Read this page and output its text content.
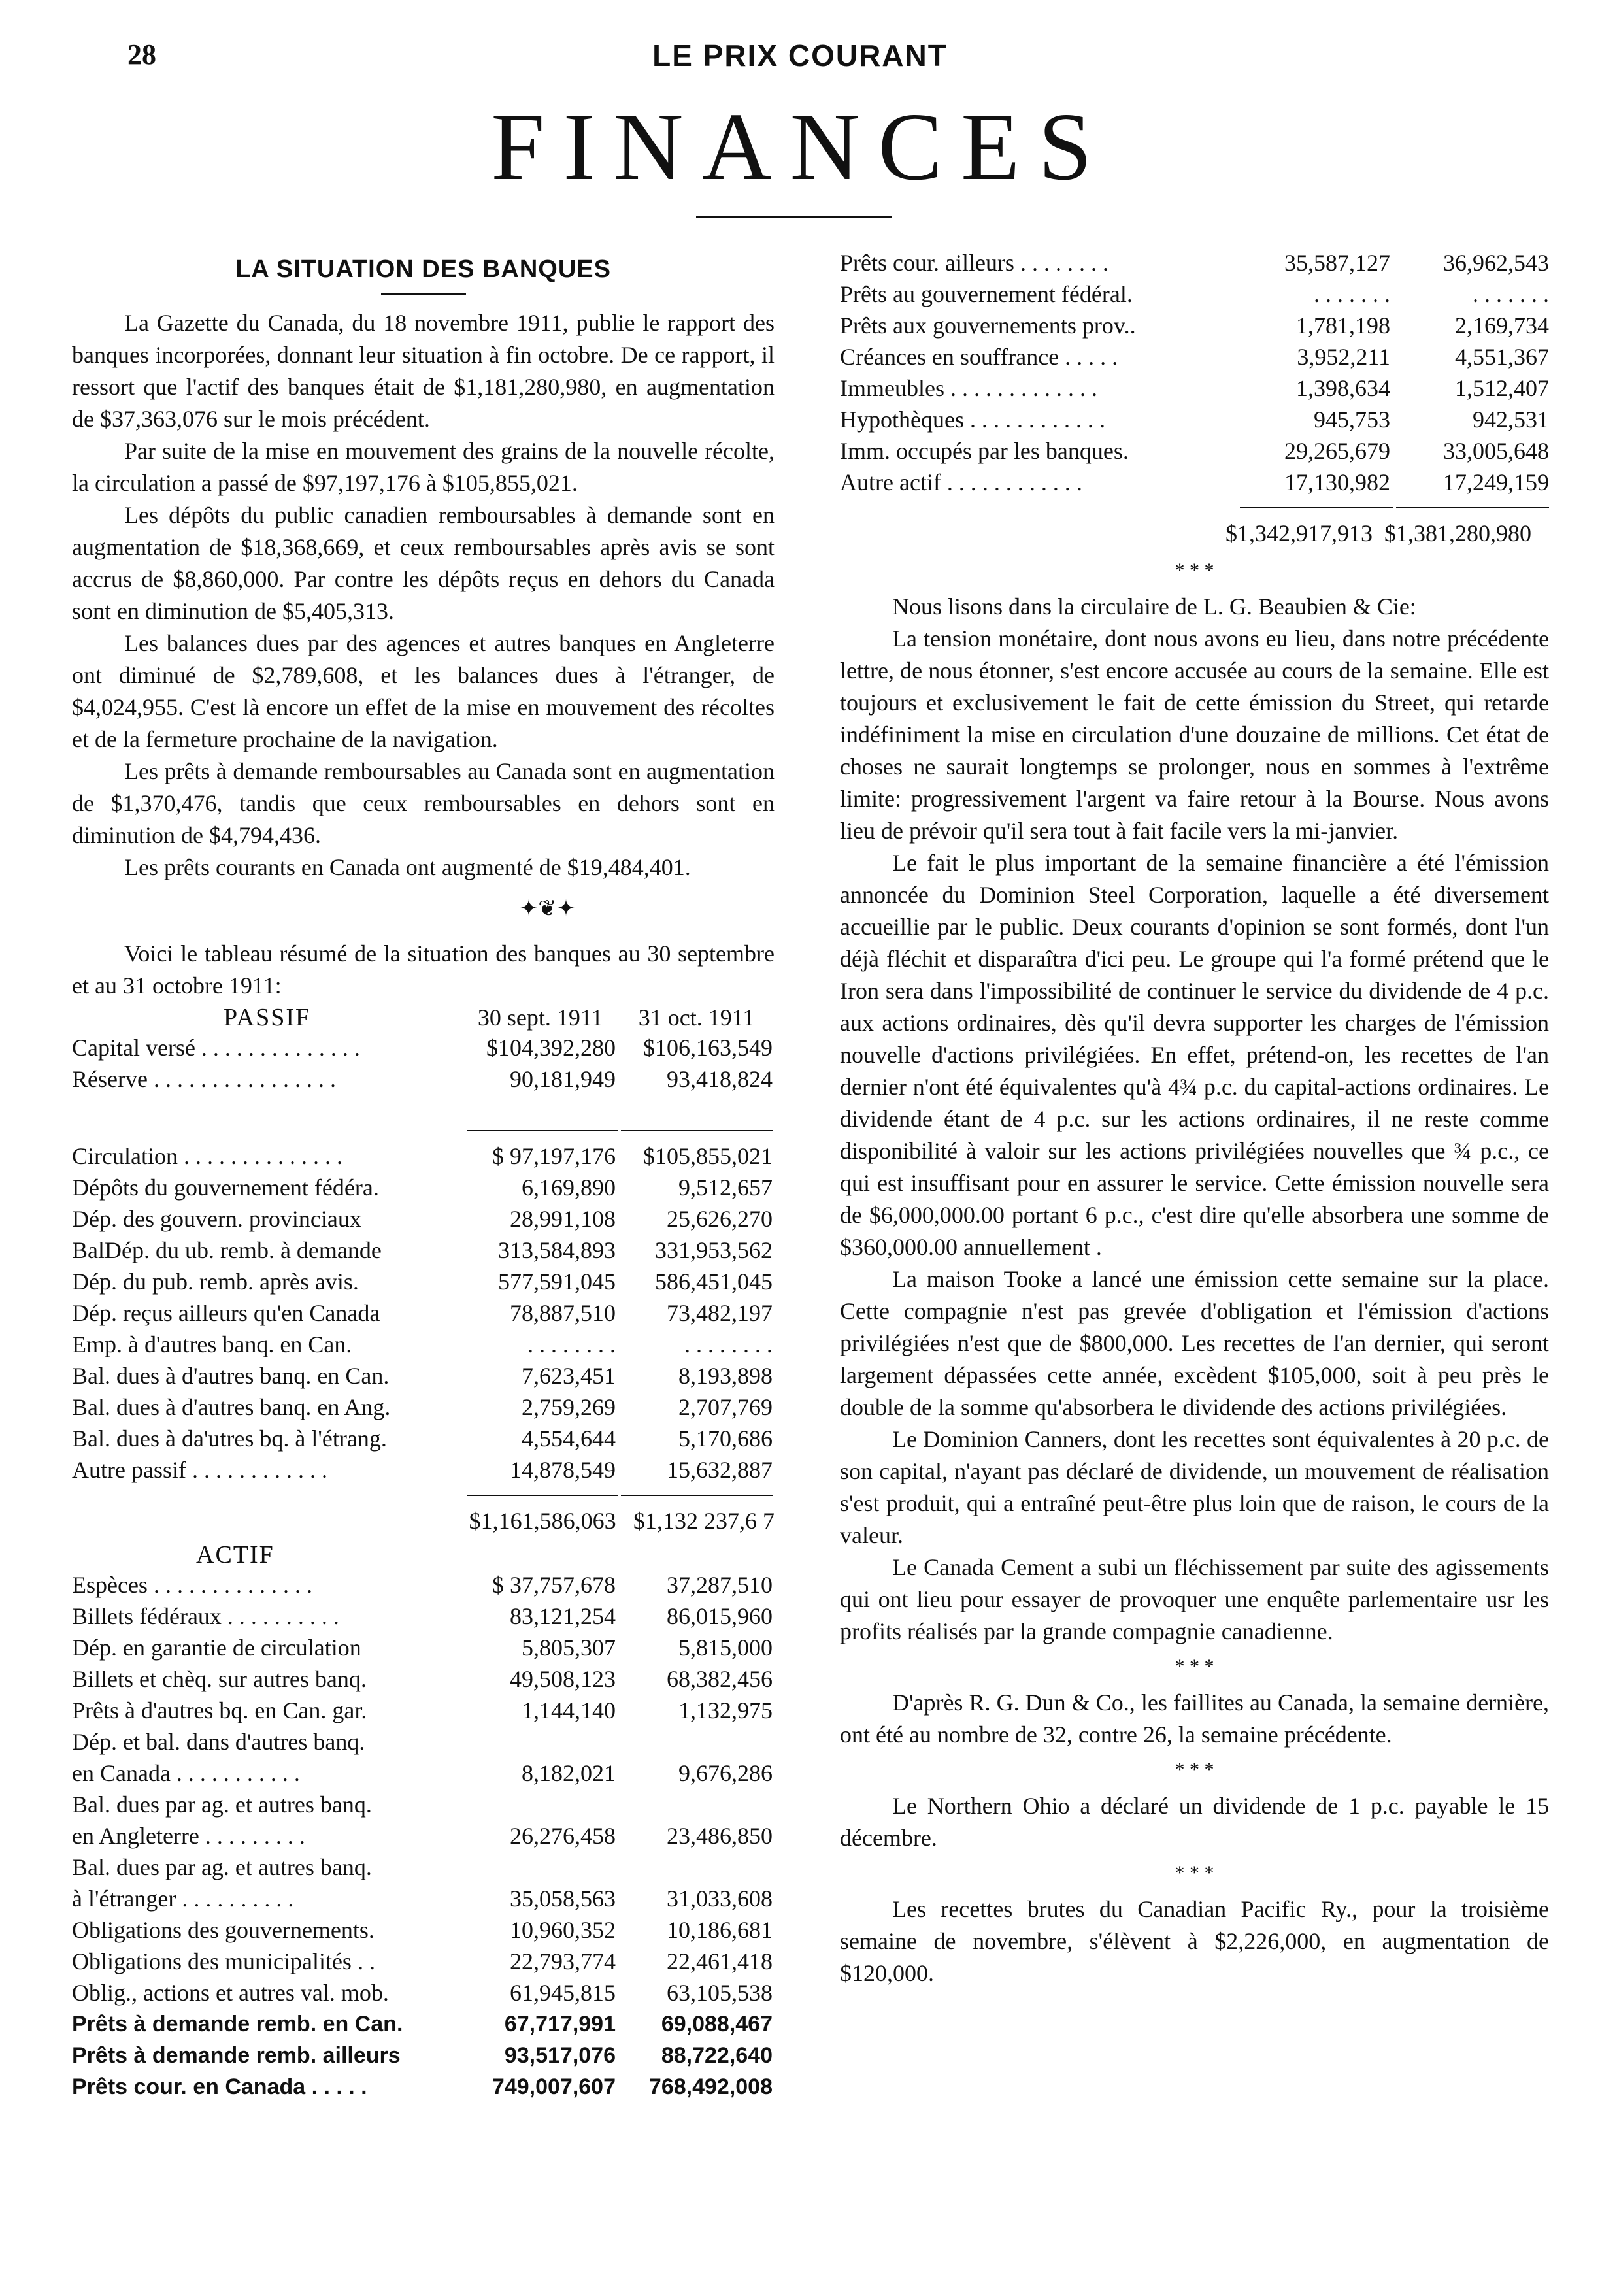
28	LE PRIX COURANT
FINANCES
LA SITUATION DES BANQUES

La Gazette du Canada, du 18 novembre 1911, publie le rapport des banques incorporées, donnant leur situation à fin octobre. De ce rapport, il ressort que l'actif des banques était de $1,181,280,980, en augmentation de $37,363,076 sur le mois précédent.

Par suite de la mise en mouvement des grains de la nouvelle récolte, la circulation a passé de $97,197,176 à $105,855,021.

Les dépôts du public canadien remboursables à demande sont en augmentation de $18,368,669, et ceux remboursables après avis se sont accrus de $8,860,000. Par contre les dépôts reçus en dehors du Canada sont en diminution de $5,405,313.

Les balances dues par des agences et autres banques en Angleterre ont diminué de $2,789,608, et les balances dues à l'étranger, de $4,024,955. C'est là encore un effet de la mise en mouvement des récoltes et de la fermeture prochaine de la navigation.

Les prêts à demande remboursables au Canada sont en augmentation de $1,370,476, tandis que ceux remboursables en dehors sont en diminution de $4,794,436.

Les prêts courants en Canada ont augmenté de $19,484,401.

✦❦✦

Voici le tableau résumé de la situation des banques au 30 septembre et au 31 octobre 1911:

PASSIF	30 sept. 1911	31 oct. 1911
Capital versé . . . . . . . . . . . . . .	$104,392,280	$106,163,549
Réserve . . . . . . . . . . . . . . . .	90,181,949	93,418,824
Circulation . . . . . . . . . . . . . .	$ 97,197,176	$105,855,021
Dépôts du gouvernement fédéra.	6,169,890	9,512,657
Dép. des gouvern. provinciaux	28,991,108	25,626,270
BalDép. du ub. remb. à demande	313,584,893	331,953,562
Dép. du pub. remb. après avis.	577,591,045	586,451,045
Dép. reçus ailleurs qu'en Canada	78,887,510	73,482,197
Emp. à d'autres banq. en Can.	. . . . . . . .	. . . . . . . .
Bal. dues à d'autres banq. en Can.	7,623,451	8,193,898
Bal. dues à d'autres banq. en Ang.	2,759,269	2,707,769
Bal. dues à da'utres bq. à l'étrang.	4,554,644	5,170,686
Autre passif . . . . . . . . . . . .	14,878,549	15,632,887
$1,161,586,063 $1,132 237,6 7
ACTIF
Espèces . . . . . . . . . . . . . .	$ 37,757,678	37,287,510
Billets fédéraux . . . . . . . . . .	83,121,254	86,015,960
Dép. en garantie de circulation	5,805,307	5,815,000
Billets et chèq. sur autres banq.	49,508,123	68,382,456
Prêts à d'autres bq. en Can. gar.	1,144,140	1,132,975
Dép. et bal. dans d'autres banq.
en Canada . . . . . . . . . . .	8,182,021	9,676,286
Bal. dues par ag. et autres banq.
en Angleterre . . . . . . . . .	26,276,458	23,486,850
Bal. dues par ag. et autres banq.
à l'étranger . . . . . . . . . .	35,058,563	31,033,608
Obligations des gouvernements.	10,960,352	10,186,681
Obligations des municipalités . .	22,793,774	22,461,418
Oblig., actions et autres val. mob.	61,945,815	63,105,538
Prêts à demande remb. en Can.	67,717,991	69,088,467
Prêts à demande remb. ailleurs	93,517,076	88,722,640
Prêts cour. en Canada . . . . .	749,007,607	768,492,008
Prêts cour. ailleurs . . . . . . . .	35,587,127	36,962,543
Prêts au gouvernement fédéral.	. . . . . . .	. . . . . . .
Prêts aux gouvernements prov..	1,781,198	2,169,734
Créances en souffrance . . . . .	3,952,211	4,551,367
Immeubles . . . . . . . . . . . . .	1,398,634	1,512,407
Hypothèques . . . . . . . . . . . .	945,753	942,531
Imm. occupés par les banques.	29,265,679	33,005,648
Autre actif . . . . . . . . . . . .	17,130,982	17,249,159
$1,342,917,913 $1,381,280,980
* * *

Nous lisons dans la circulaire de L. G. Beaubien & Cie:

La tension monétaire, dont nous avons eu lieu, dans notre précédente lettre, de nous étonner, s'est encore accusée au cours de la semaine. Elle est toujours et exclusivement le fait de cette émission du Street, qui retarde indéfiniment la mise en circulation d'une douzaine de millions. Cet état de choses ne saurait longtemps se prolonger, nous en sommes à l'extrême limite: progressivement l'argent va faire retour à la Bourse. Nous avons lieu de prévoir qu'il sera tout à fait facile vers la mi-janvier.

Le fait le plus important de la semaine financière a été l'émission annoncée du Dominion Steel Corporation, laquelle a été diversement accueillie par le public. Deux courants d'opinion se sont formés, dont l'un déjà fléchit et disparaîtra d'ici peu. Le groupe qui l'a formé prétend que le Iron sera dans l'impossibilité de continuer le service du dividende de 4 p.c. aux actions ordinaires, dès qu'il devra supporter les charges de l'émission nouvelle d'actions privilégiées. En effet, prétend-on, les recettes de l'an dernier n'ont été équivalentes qu'à 4¾ p.c. du capital-actions ordinaires. Le dividende étant de 4 p.c. sur les actions ordinaires, il ne reste comme disponibilité à valoir sur les actions privilégiées nouvelles que ¾ p.c., ce qui est insuffisant pour en assurer le service. Cette émission nouvelle sera de $6,000,000.00 portant 6 p.c., c'est dire qu'elle absorbera une somme de $360,000.00 annuellement .

La maison Tooke a lancé une émission cette semaine sur la place. Cette compagnie n'est pas grevée d'obligation et l'émission d'actions privilégiées n'est que de $800,000. Les recettes de l'an dernier, qui seront largement dépassées cette année, excèdent $105,000, soit à peu près le double de la somme qu'absorbera le dividende des actions privilégiées.

Le Dominion Canners, dont les recettes sont équivalentes à 20 p.c. de son capital, n'ayant pas déclaré de dividende, un mouvement de réalisation s'est produit, qui a entraîné peut-être plus loin que de raison, le cours de la valeur.

Le Canada Cement a subi un fléchissement par suite des agissements qui ont lieu pour essayer de provoquer une enquête parlementaire usr les profits réalisés par la grande compagnie canadienne.

* * *

D'après R. G. Dun & Co., les faillites au Canada, la semaine dernière, ont été au nombre de 32, contre 26, la semaine précédente.

* * *

Le Northern Ohio a déclaré un dividende de 1 p.c. payable le 15 décembre.

* * *

Les recettes brutes du Canadian Pacific Ry., pour la troisième semaine de novembre, s'élèvent à $2,226,000, en augmentation de $120,000.
